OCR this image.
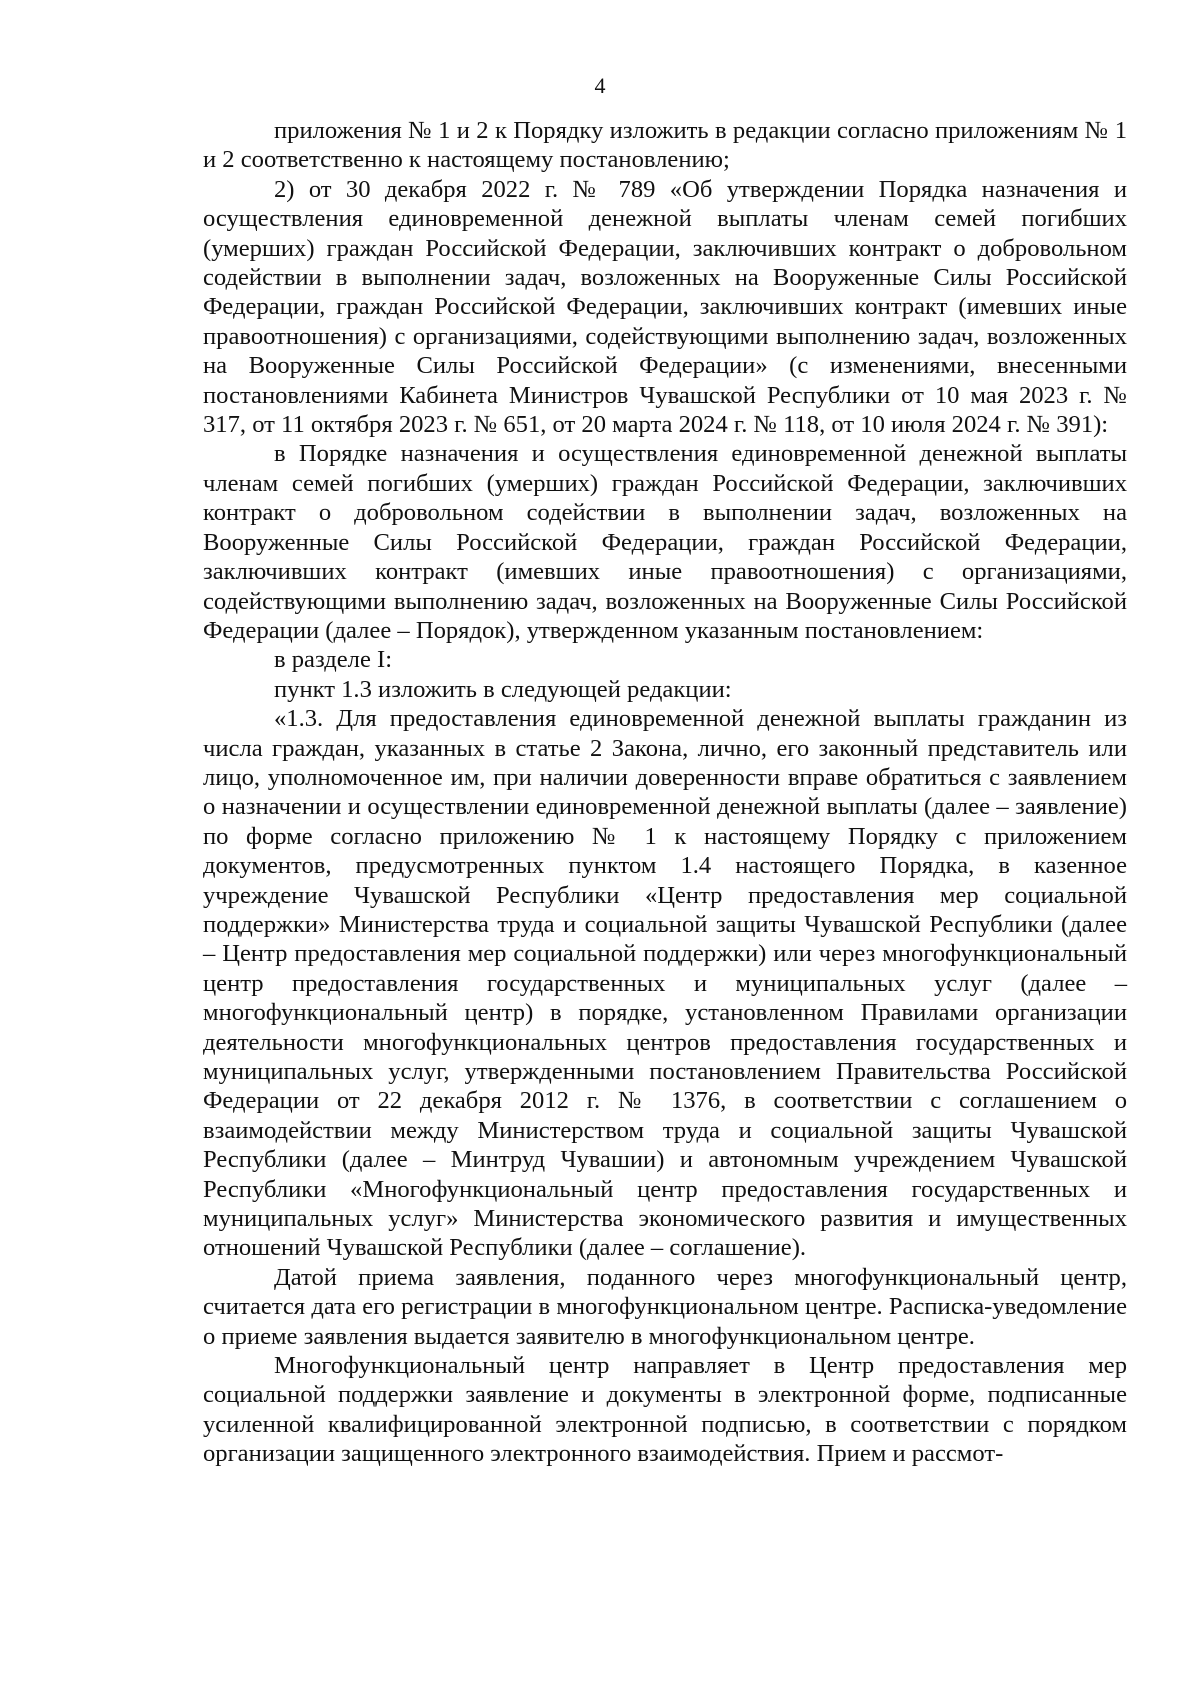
4

приложения № 1 и 2 к Порядку изложить в редакции согласно приложениям № 1 и 2 соответственно к настоящему постановлению;

2) от 30 декабря 2022 г. № 789 «Об утверждении Порядка назначения и осуществления единовременной денежной выплаты членам семей погибших (умерших) граждан Российской Федерации, заключивших контракт о добровольном содействии в выполнении задач, возложенных на Вооруженные Силы Российской Федерации, граждан Российской Федерации, заключивших контракт (имевших иные правоотношения) с организациями, содействующими выполнению задач, возложенных на Вооруженные Силы Российской Федерации» (с изменениями, внесенными постановлениями Кабинета Министров Чувашской Республики от 10 мая 2023 г. № 317, от 11 октября 2023 г. № 651, от 20 марта 2024 г. № 118, от 10 июля 2024 г. № 391):

в Порядке назначения и осуществления единовременной денежной выплаты членам семей погибших (умерших) граждан Российской Федерации, заключивших контракт о добровольном содействии в выполнении задач, возложенных на Вооруженные Силы Российской Федерации, граждан Российской Федерации, заключивших контракт (имевших иные правоотношения) с организациями, содействующими выполнению задач, возложенных на Вооруженные Силы Российской Федерации (далее – Порядок), утвержденном указанным постановлением:

в разделе I:

пункт 1.3 изложить в следующей редакции:

«1.3. Для предоставления единовременной денежной выплаты гражданин из числа граждан, указанных в статье 2 Закона, лично, его законный представитель или лицо, уполномоченное им, при наличии доверенности вправе обратиться с заявлением о назначении и осуществлении единовременной денежной выплаты (далее – заявление) по форме согласно приложению № 1 к настоящему Порядку с приложением документов, предусмотренных пунктом 1.4 настоящего Порядка, в казенное учреждение Чувашской Республики «Центр предоставления мер социальной поддержки» Министерства труда и социальной защиты Чувашской Республики (далее – Центр предоставления мер социальной поддержки) или через многофункциональный центр предоставления государственных и муниципальных услуг (далее – многофункциональный центр) в порядке, установленном Правилами организации деятельности многофункциональных центров предоставления государственных и муниципальных услуг, утвержденными постановлением Правительства Российской Федерации от 22 декабря 2012 г. № 1376, в соответствии с соглашением о взаимодействии между Министерством труда и социальной защиты Чувашской Республики (далее – Минтруд Чувашии) и автономным учреждением Чувашской Республики «Многофункциональный центр предоставления государственных и муниципальных услуг» Министерства экономического развития и имущественных отношений Чувашской Республики (далее – соглашение).

Датой приема заявления, поданного через многофункциональный центр, считается дата его регистрации в многофункциональном центре. Расписка-уведомление о приеме заявления выдается заявителю в многофункциональном центре.

Многофункциональный центр направляет в Центр предоставления мер социальной поддержки заявление и документы в электронной форме, подписанные усиленной квалифицированной электронной подписью, в соответствии с порядком организации защищенного электронного взаимодействия. Прием и рассмот-
